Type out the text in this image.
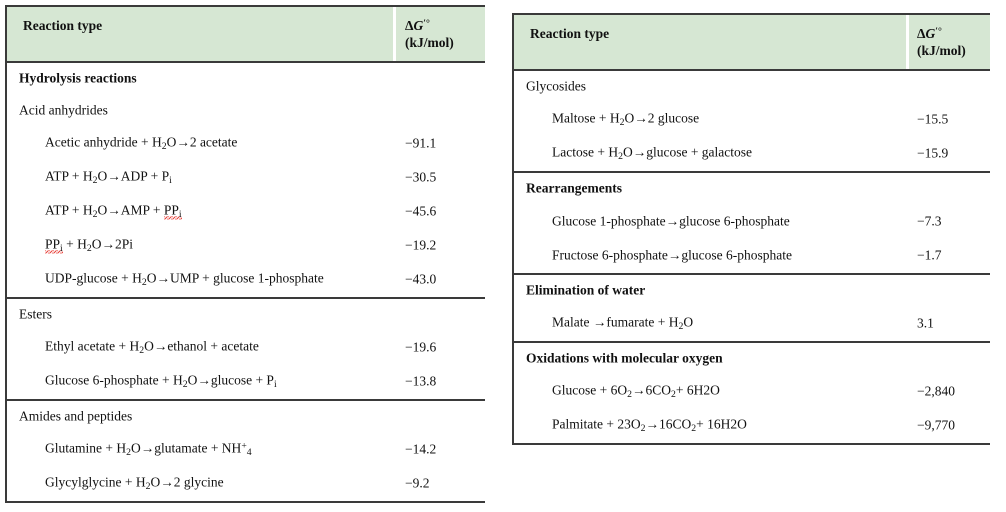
Reaction type	ΔG′°
(kJ/mol)
Hydrolysis reactions
Acid anhydrides
Acetic anhydride + $H_2O\to 2$ acetate	−91.1
ATP + $H_2O\to ADP + P_i$	−30.5
ATP + $H_2O\to AMP + PP_i$	−45.6
$PP_i + H_2O\to 2Pi$	−19.2
$UDP-glucose + H_2O\to UMP + glucose$ 1-phosphate	−43.0
Esters
Ethyl acetate + $H_2O\to ethanol$ + acetate	−19.6
Glucose 6-phosphate + $H_2O\to glucose + P_i$	−13.8
Amides and peptides
Glutamine + $H_2O\to glutamate + NH^+_4$	−14.2
Glycylglycine + $H_2O\to 2$ glycine	−9.2
Reaction type	ΔG′°
(kJ/mol)
Glycosides
Maltose + $H_2O\to 2$ glucose	−15.5
Lactose + $H_2O\to glucose$ + galactose	−15.9
Rearrangements
Glucose 1-phosphate→glucose 6-phosphate	−7.3
Fructose 6-phosphate→glucose 6-phosphate	−1.7
Elimination of water
Malate →fumarate + $H_2O$	3.1
Oxidations with molecular oxygen
$Glucose + 6O_2\to 6CO_2+ 6H2O$	−2,840
Palmitate + $23O_2\to 16CO_2+ 16H2O$	−9,770
